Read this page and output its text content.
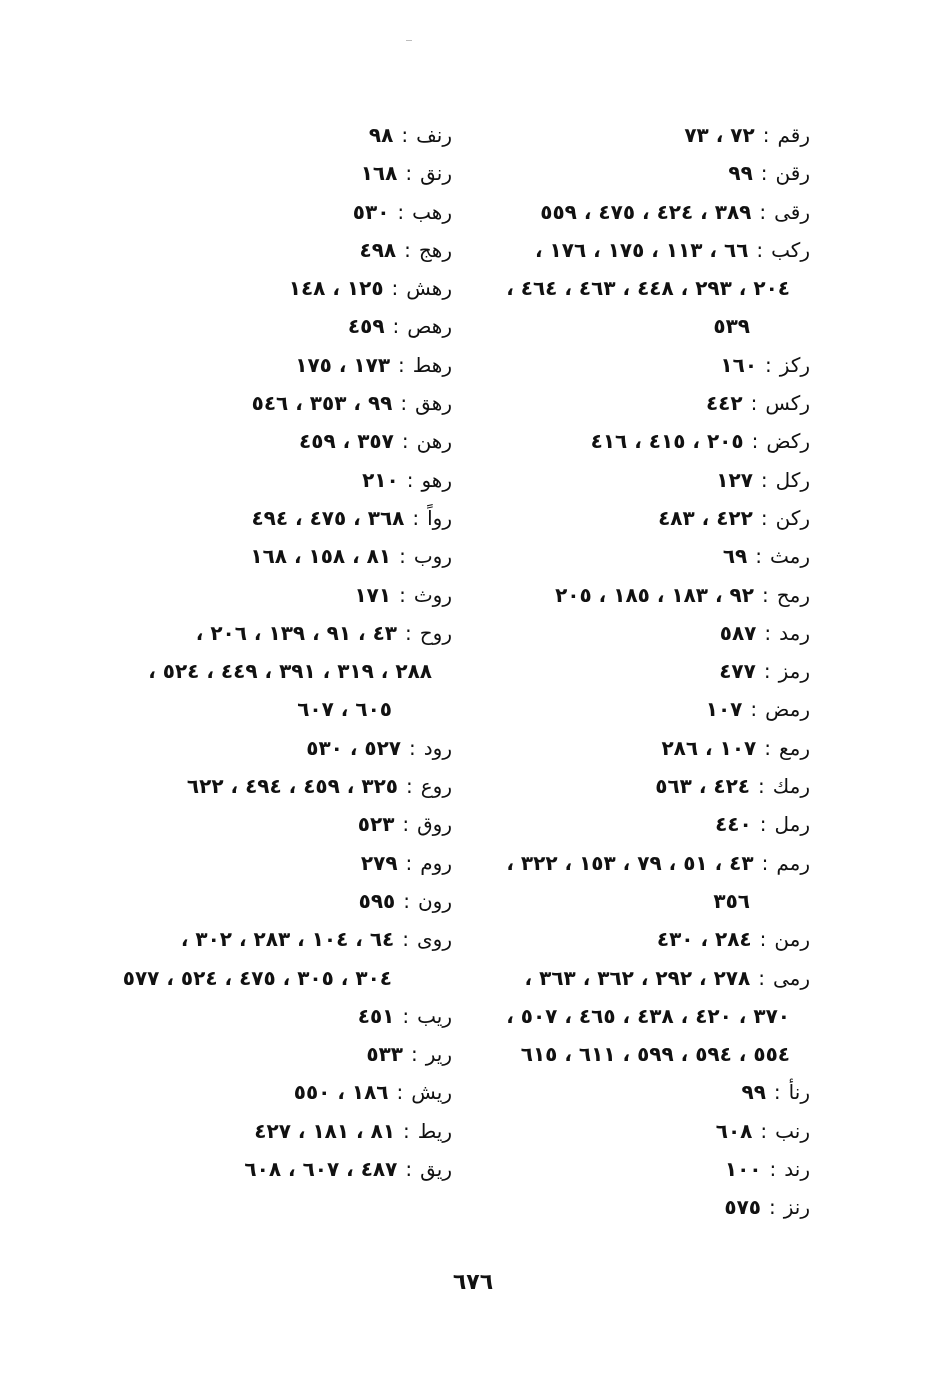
رقم:٧٢ ، ٧٣
رقن:٩٩
رقى:٣٨٩ ، ٤٢٤ ، ٤٧٥ ، ٥٥٩
ركب:٦٦ ، ١١٣ ، ١٧٥ ، ١٧٦ ،
٢٠٤ ، ٢٩٣ ، ٤٤٨ ، ٤٦٣ ، ٤٦٤ ،
٥٣٩
ركز:١٦٠
ركس:٤٤٢
ركض:٢٠٥ ، ٤١٥ ، ٤١٦
ركل:١٢٧
ركن:٤٢٢ ، ٤٨٣
رمث:٦٩
رمح:٩٢ ، ١٨٣ ، ١٨٥ ، ٢٠٥
رمد:٥٨٧
رمز:٤٧٧
رمض:١٠٧
رمع:١٠٧ ، ٢٨٦
رمك:٤٢٤ ، ٥٦٣
رمل:٤٤٠
رمم:٤٣ ، ٥١ ، ٧٩ ، ١٥٣ ، ٣٢٢ ،
٣٥٦
رمن:٢٨٤ ، ٤٣٠
رمى:٢٧٨ ، ٢٩٢ ، ٣٦٢ ، ٣٦٣ ،
٣٧٠ ، ٤٢٠ ، ٤٣٨ ، ٤٦٥ ، ٥٠٧ ،
٥٥٤ ، ٥٩٤ ، ٥٩٩ ، ٦١١ ، ٦١٥
رنأ:٩٩
رنب:٦٠٨
رند:١٠٠
رنز:٥٧٥
رنف:٩٨
رنق:١٦٨
رهب:٥٣٠
رهج:٤٩٨
رهش:١٢٥ ، ١٤٨
رهص:٤٥٩
رهط:١٧٣ ، ١٧٥
رهق:٩٩ ، ٣٥٣ ، ٥٤٦
رهن:٣٥٧ ، ٤٥٩
رهو:٢١٠
رواً:٣٦٨ ، ٤٧٥ ، ٤٩٤
روب:٨١ ، ١٥٨ ، ١٦٨
روث:١٧١
روح:٤٣ ، ٩١ ، ١٣٩ ، ٢٠٦ ،
٢٨٨ ، ٣١٩ ، ٣٩١ ، ٤٤٩ ، ٥٢٤ ،
٦٠٥ ، ٦٠٧
رود:٥٢٧ ، ٥٣٠
روع:٣٢٥ ، ٤٥٩ ، ٤٩٤ ، ٦٢٢
روق:٥٢٣
روم:٢٧٩
رون:٥٩٥
روى:٦٤ ، ١٠٤ ، ٢٨٣ ، ٣٠٢ ،
٣٠٤ ، ٣٠٥ ، ٤٧٥ ، ٥٢٤ ، ٥٧٧
ريب:٤٥١
رير:٥٣٣
ريش:١٨٦ ، ٥٥٠
ريط:٨١ ، ١٨١ ، ٤٢٧
ريق:٤٨٧ ، ٦٠٧ ، ٦٠٨
٦٧٦
